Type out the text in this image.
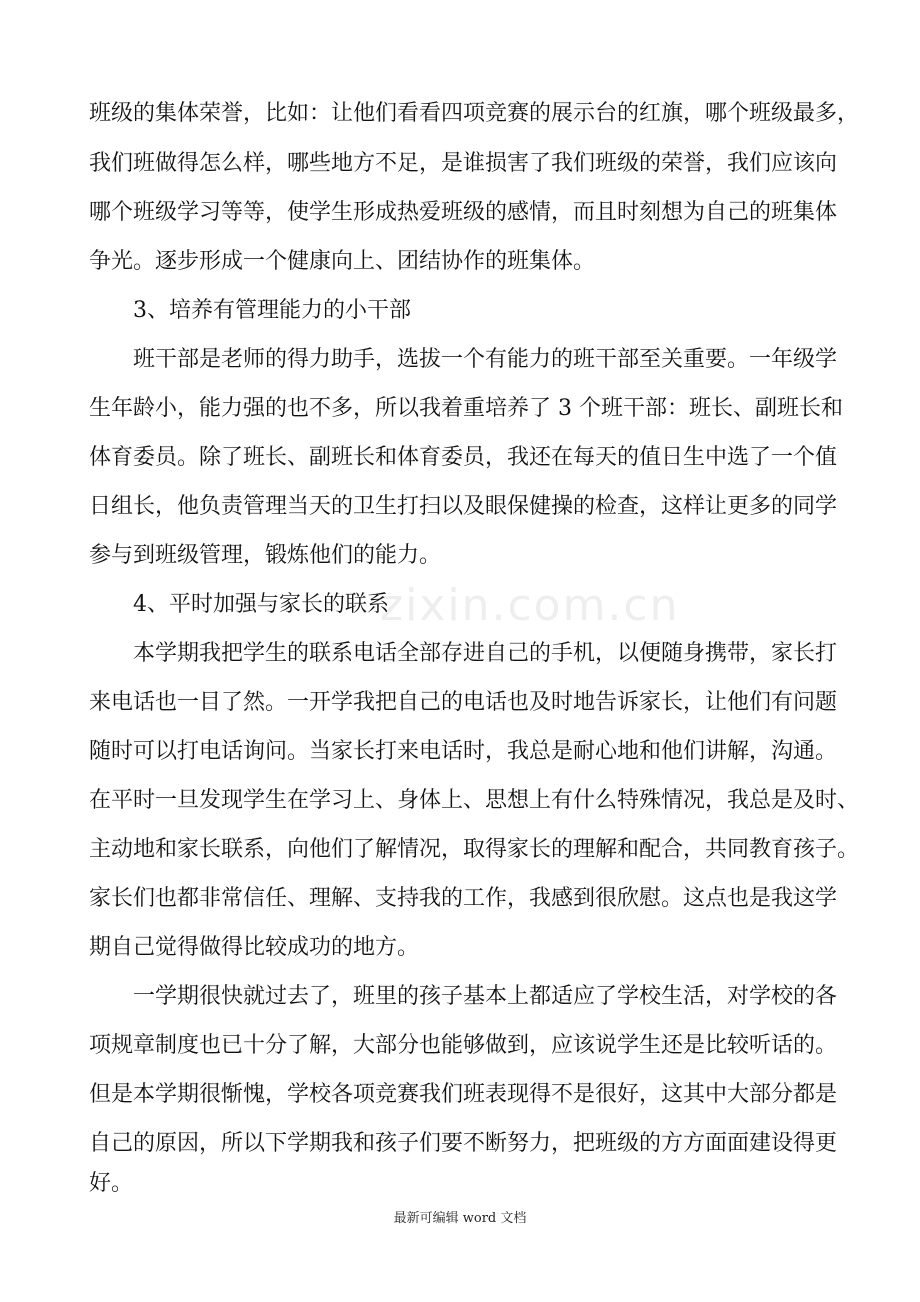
zixin.com.cn
班级的集体荣誉，比如：让他们看看四项竞赛的展示台的红旗，哪个班级最多，
我们班做得怎么样，哪些地方不足，是谁损害了我们班级的荣誉，我们应该向
哪个班级学习等等，使学生形成热爱班级的感情，而且时刻想为自己的班集体
争光。逐步形成一个健康向上、团结协作的班集体。
3、培养有管理能力的小干部
班干部是老师的得力助手，选拔一个有能力的班干部至关重要。一年级学
生年龄小，能力强的也不多，所以我着重培养了 3 个班干部：班长、副班长和
体育委员。除了班长、副班长和体育委员，我还在每天的值日生中选了一个值
日组长，他负责管理当天的卫生打扫以及眼保健操的检查，这样让更多的同学
参与到班级管理，锻炼他们的能力。
4、平时加强与家长的联系
本学期我把学生的联系电话全部存进自己的手机，以便随身携带，家长打
来电话也一目了然。一开学我把自己的电话也及时地告诉家长，让他们有问题
随时可以打电话询问。当家长打来电话时，我总是耐心地和他们讲解，沟通。
在平时一旦发现学生在学习上、身体上、思想上有什么特殊情况，我总是及时、
主动地和家长联系，向他们了解情况，取得家长的理解和配合，共同教育孩子。
家长们也都非常信任、理解、支持我的工作，我感到很欣慰。这点也是我这学
期自己觉得做得比较成功的地方。
一学期很快就过去了，班里的孩子基本上都适应了学校生活，对学校的各
项规章制度也已十分了解，大部分也能够做到，应该说学生还是比较听话的。
但是本学期很惭愧，学校各项竞赛我们班表现得不是很好，这其中大部分都是
自己的原因，所以下学期我和孩子们要不断努力，把班级的方方面面建设得更
好。
最新可编辑 word 文档
